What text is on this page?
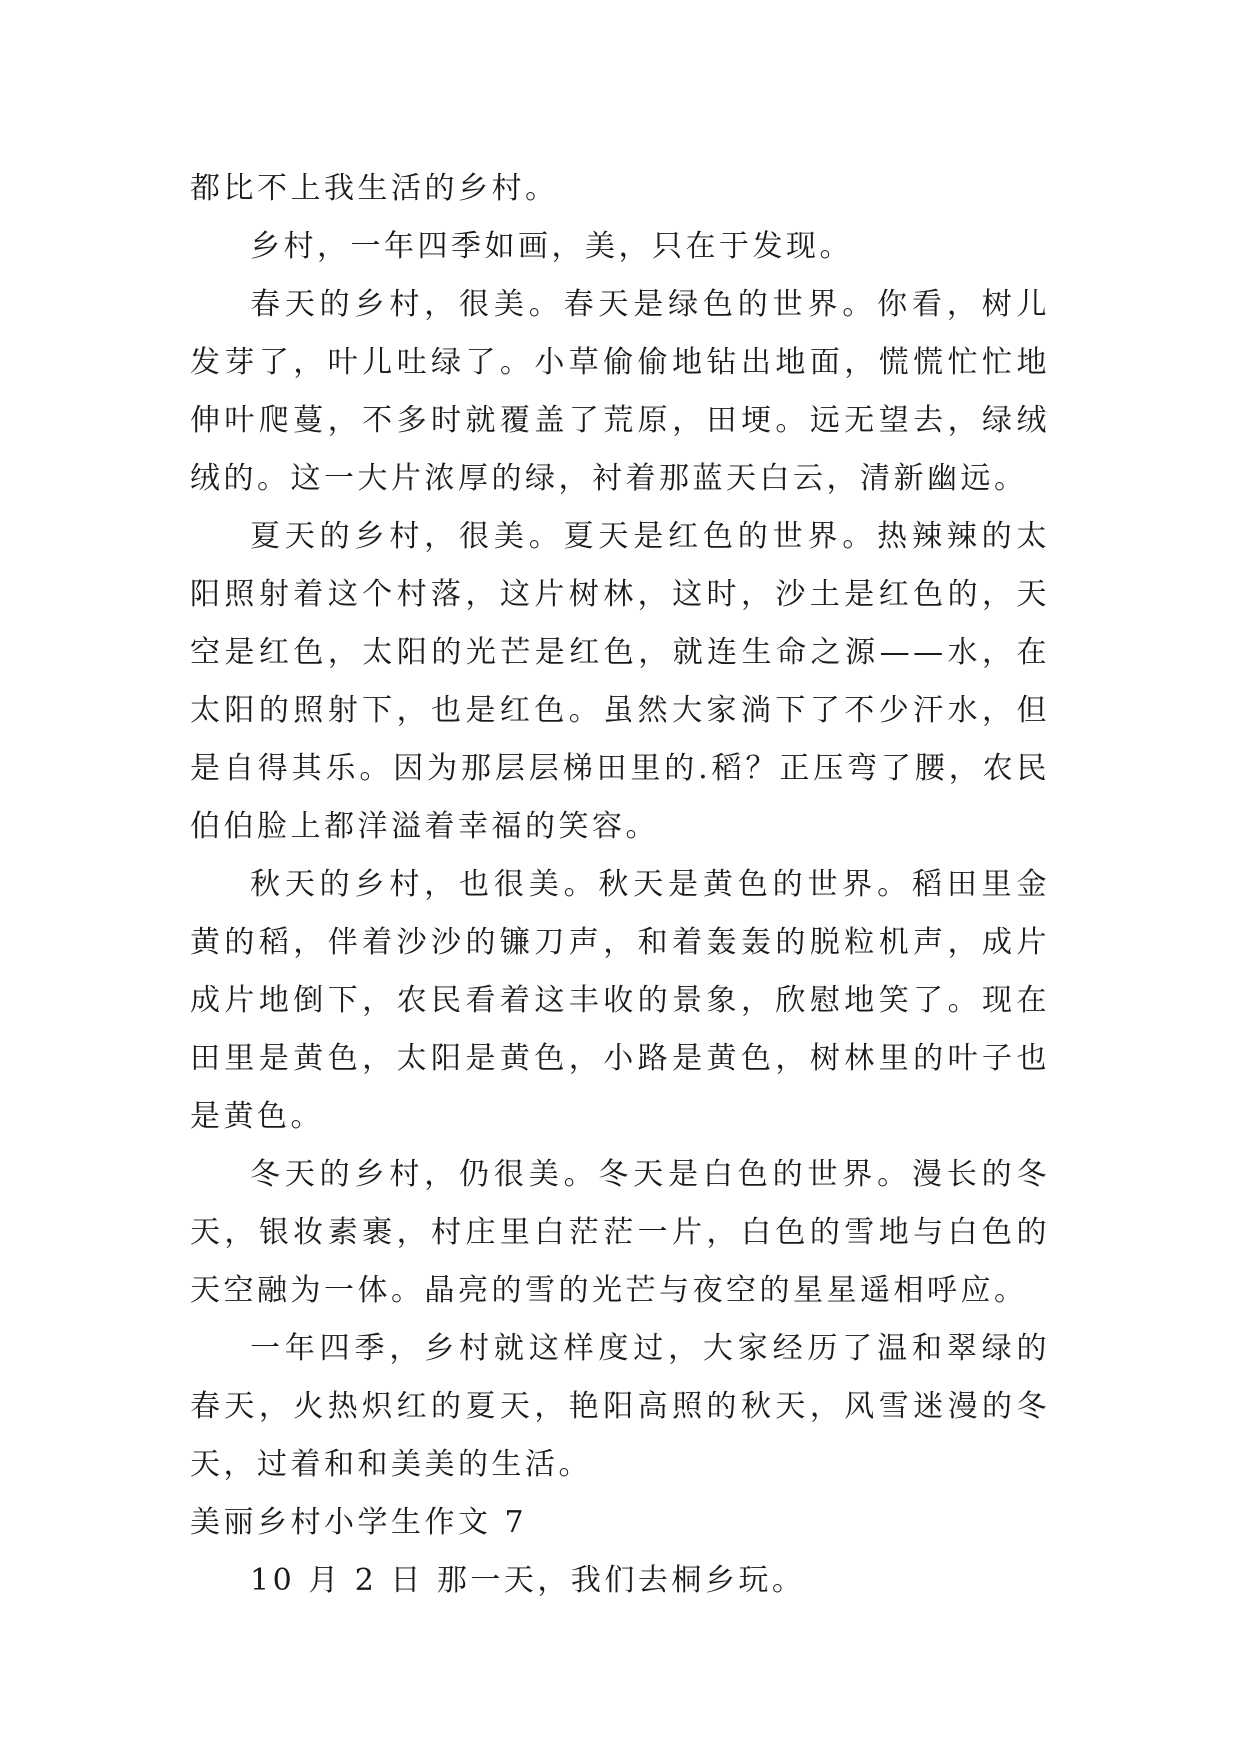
都比不上我生活的乡村。

乡村，一年四季如画，美，只在于发现。

春天的乡村，很美。春天是绿色的世界。你看，树儿发芽了，叶儿吐绿了。小草偷偷地钻出地面，慌慌忙忙地伸叶爬蔓，不多时就覆盖了荒原，田埂。远无望去，绿绒绒的。这一大片浓厚的绿，衬着那蓝天白云，清新幽远。

夏天的乡村，很美。夏天是红色的世界。热辣辣的太阳照射着这个村落，这片树林，这时，沙土是红色的，天空是红色，太阳的光芒是红色，就连生命之源——水，在太阳的照射下，也是红色。虽然大家淌下了不少汗水，但是自得其乐。因为那层层梯田里的.稻？正压弯了腰，农民伯伯脸上都洋溢着幸福的笑容。

秋天的乡村，也很美。秋天是黄色的世界。稻田里金黄的稻，伴着沙沙的镰刀声，和着轰轰的脱粒机声，成片成片地倒下，农民看着这丰收的景象，欣慰地笑了。现在田里是黄色，太阳是黄色，小路是黄色，树林里的叶子也是黄色。

冬天的乡村，仍很美。冬天是白色的世界。漫长的冬天，银妆素裹，村庄里白茫茫一片，白色的雪地与白色的天空融为一体。晶亮的雪的光芒与夜空的星星遥相呼应。

一年四季，乡村就这样度过，大家经历了温和翠绿的春天，火热炽红的夏天，艳阳高照的秋天，风雪迷漫的冬天，过着和和美美的生活。

美丽乡村小学生作文 7

10 月 2 日 那一天，我们去桐乡玩。
